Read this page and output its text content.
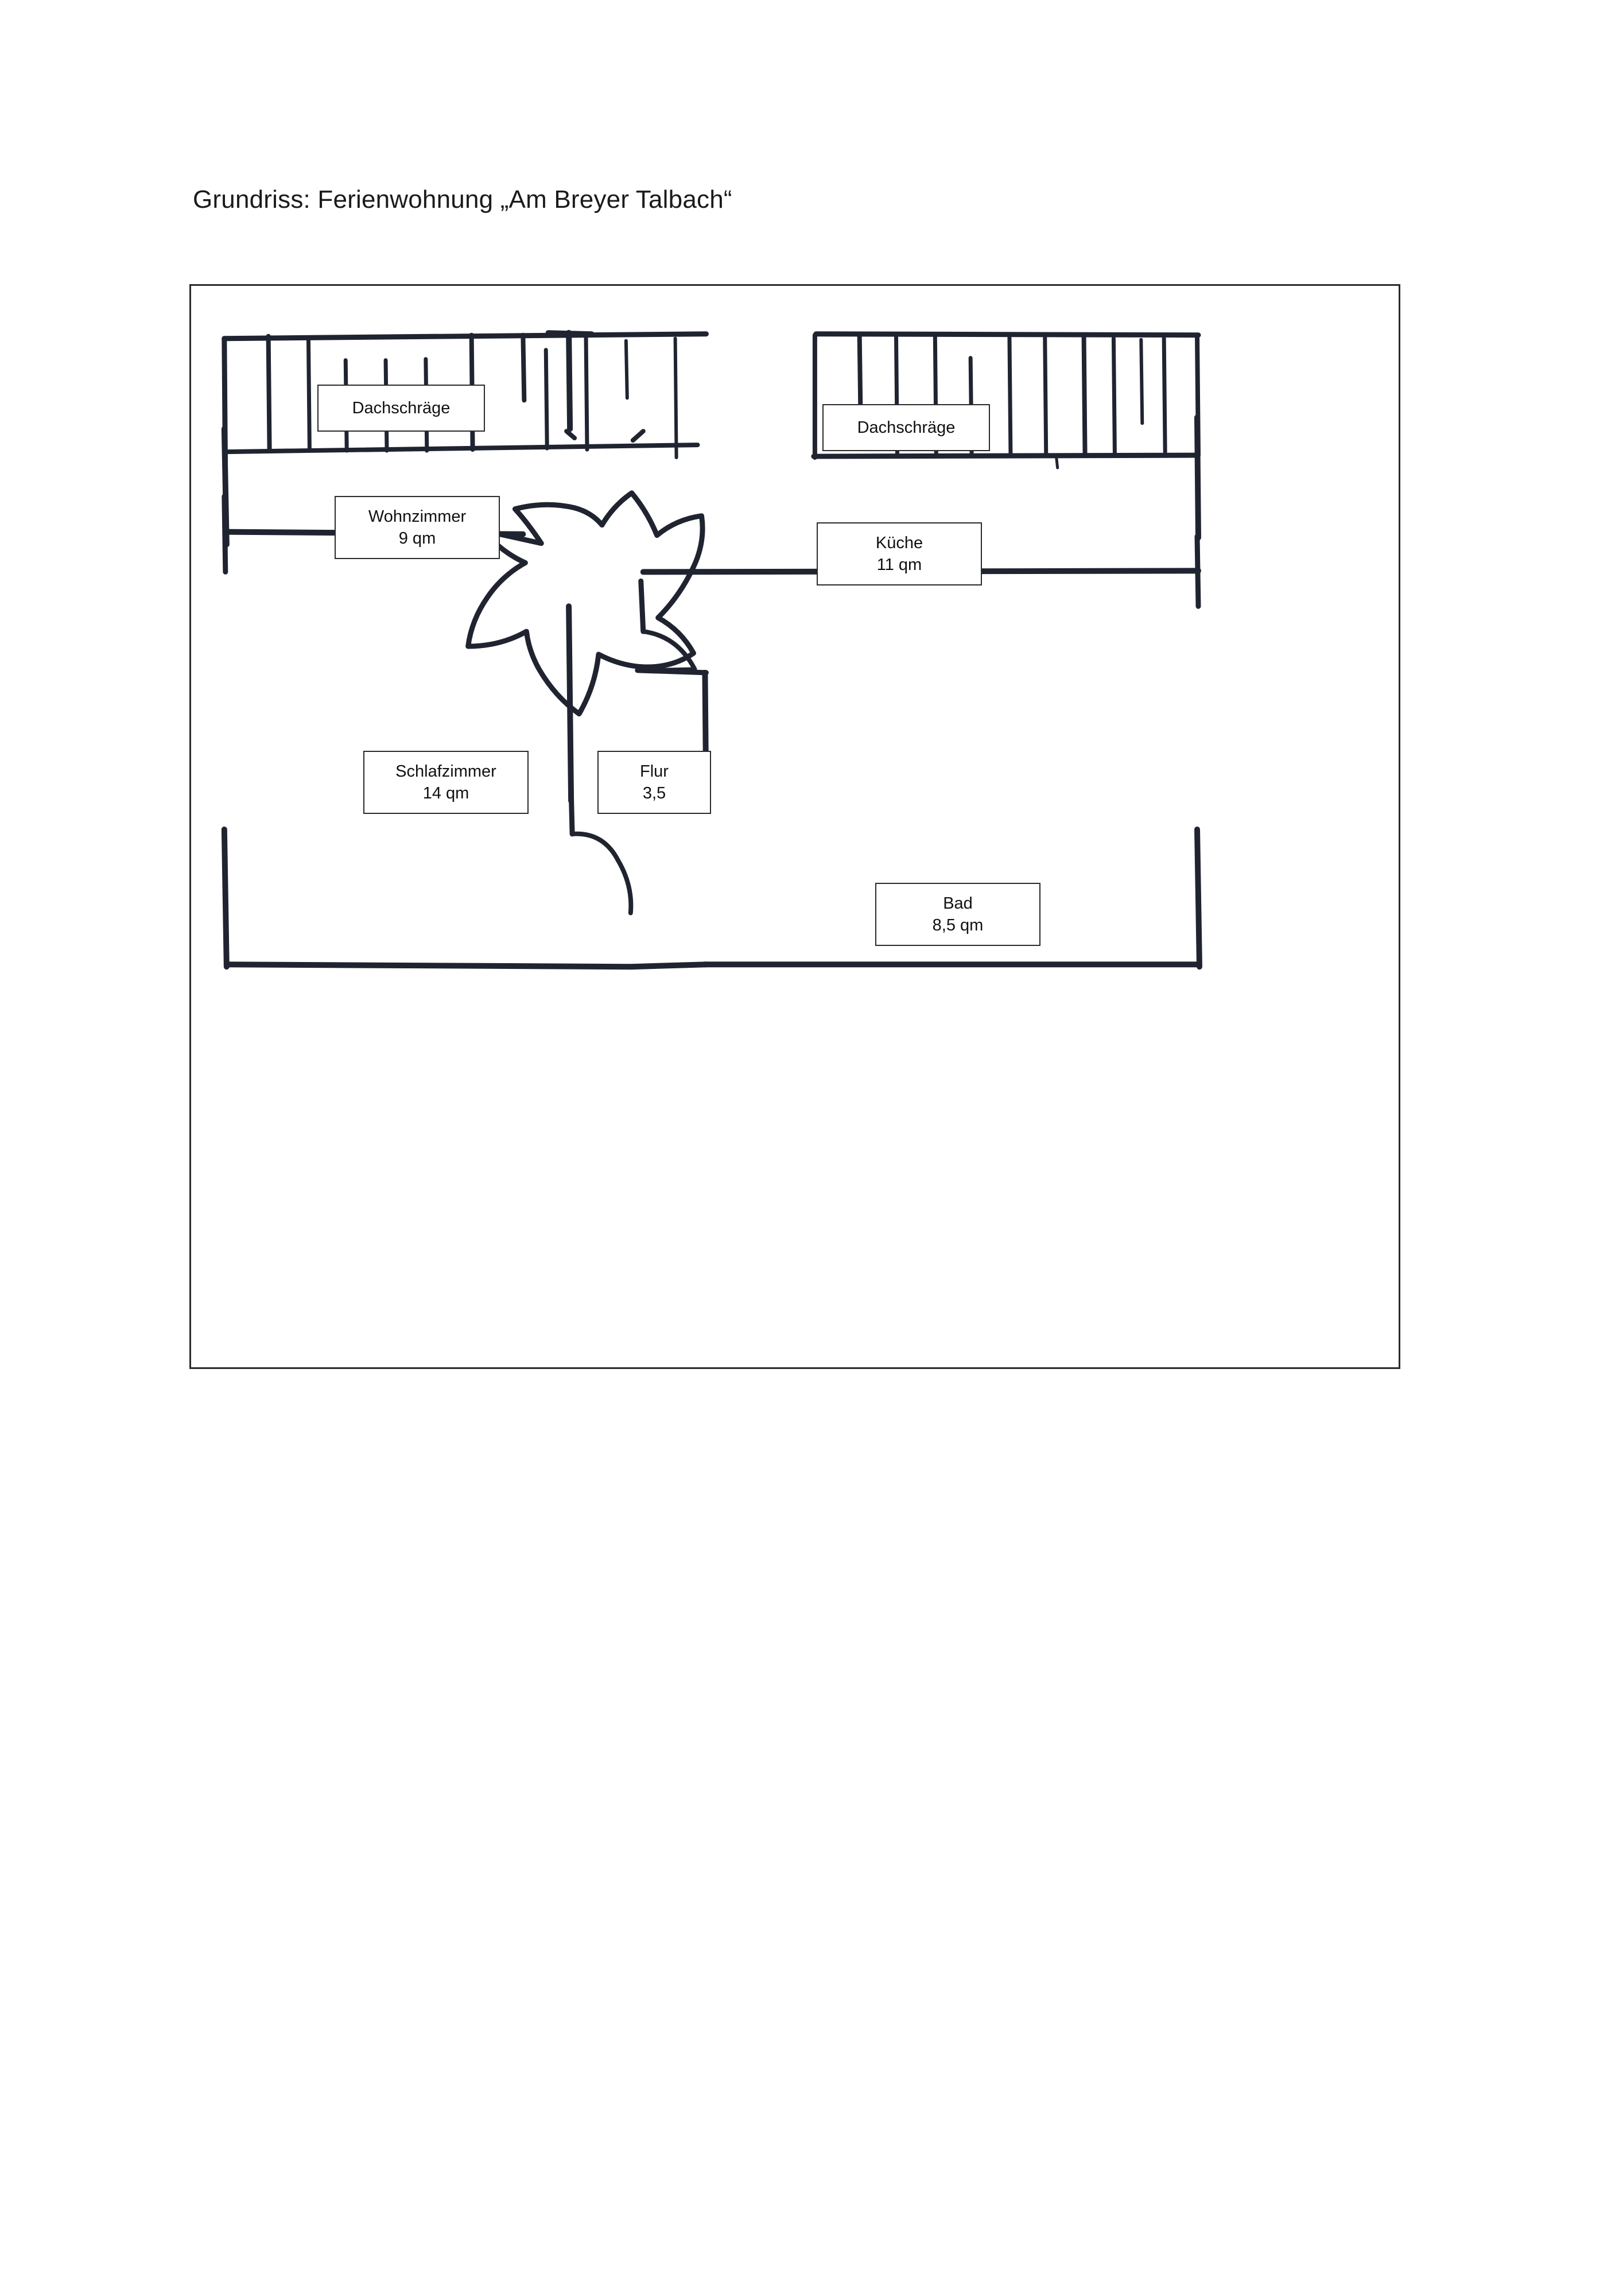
Grundriss: Ferienwohnung „Am Breyer Talbach“
Dachschräge
Dachschräge
Wohnzimmer
9 qm	Küche
11 qm
Schlafzimmer
14 qm
Flur
3,5
Bad
8,5 qm
